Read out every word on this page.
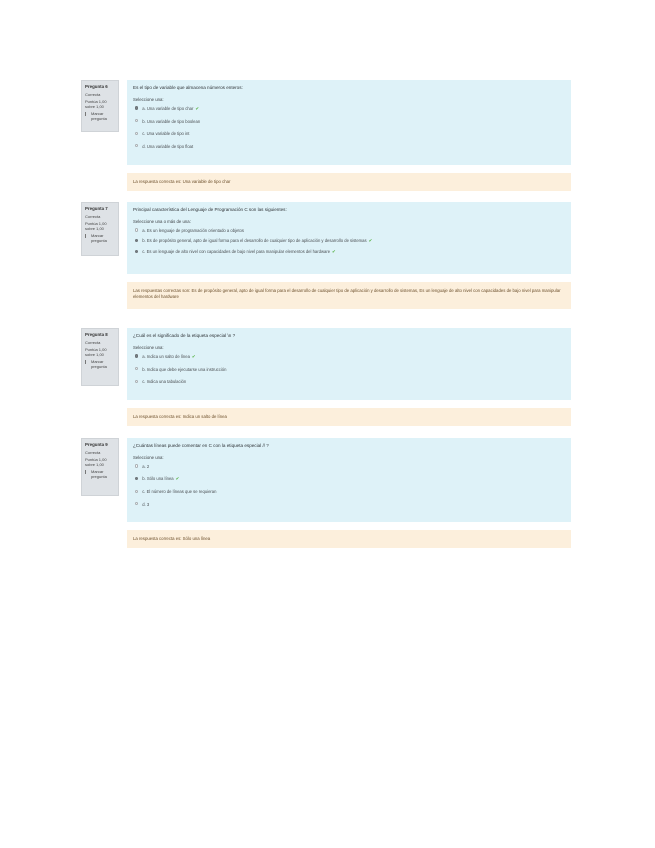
Pregunta 6
Correcta
Puntúa 1,00 sobre 1,00
Marcar pregunta
Es el tipo de variable que almacena números enteros:
Seleccione una:
a. Una variable de tipo char ✔
b. Una variable de tipo boolean
c. Una variable de tipo int
d. Una variable de tipo float
La respuesta correcta es: Una variable de tipo char
Pregunta 7
Correcta
Puntúa 1,00 sobre 1,00
Marcar pregunta
Principal característica del Lenguaje de Programación C son las siguientes:
Seleccione una o más de una:
a. Es un lenguaje de programación orientado a objetos
b. Es de propósito general, apto de igual forma para el desarrollo de cualquier tipo de aplicación y desarrollo de sistemas ✔
c. Es un lenguaje de alto nivel con capacidades de bajo nivel para manipular elementos del hardware ✔
Las respuestas correctas son: Es de propósito general, apto de igual forma para el desarrollo de cualquier tipo de aplicación y desarrollo de sistemas, Es un lenguaje de alto nivel con capacidades de bajo nivel para manipular elementos del hardware
Pregunta 8
Correcta
Puntúa 1,00 sobre 1,00
Marcar pregunta
¿Cuál es el significado de la etiqueta especial \n ?
Seleccione una:
a. Indica un salto de línea ✔
b. Indica que debe ejecutarse una instrucción
c. Indica una tabulación
La respuesta correcta es: Indica un salto de línea
Pregunta 9
Correcta
Puntúa 1,00 sobre 1,00
Marcar pregunta
¿Cuántas líneas puede comentar en C con la etiqueta especial // ?
Seleccione una:
a. 2
b. Sólo una línea ✔
c. El número de líneas que se requieran
d. 3
La respuesta correcta es: Sólo una línea
